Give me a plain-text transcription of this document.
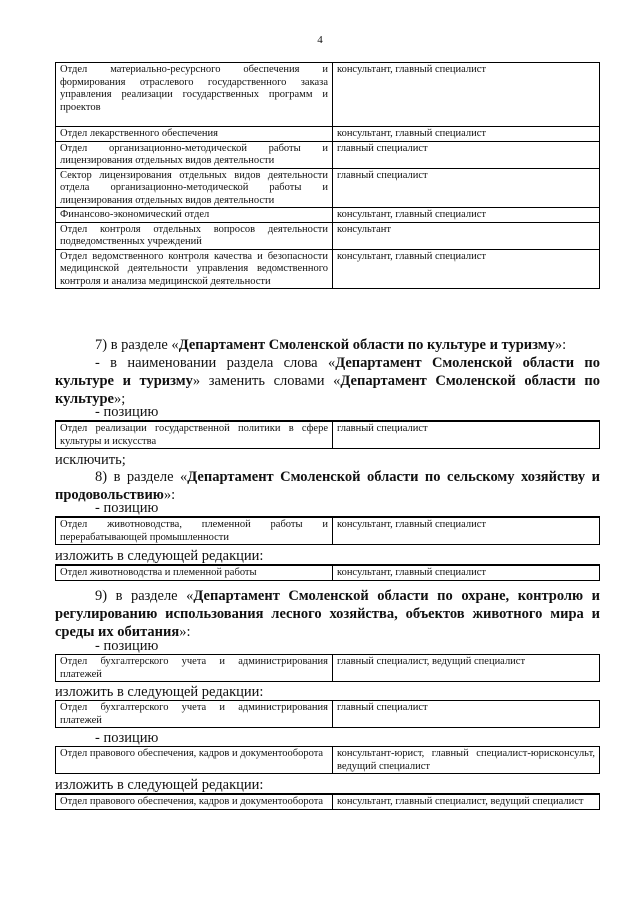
4
Отдел материально-ресурсного обеспечения и формирования отраслевого государственного заказа управления реализации государственных программ и проектов	консультант, главный специалист
Отдел лекарственного обеспечения	консультант, главный специалист
Отдел организационно-методической работы и лицензирования отдельных видов деятельности	главный специалист
Сектор лицензирования отдельных видов деятельности отдела организационно-методической работы и лицензирования отдельных видов деятельности	главный специалист
Финансово-экономический отдел	консультант, главный специалист
Отдел контроля отдельных вопросов деятельности подведомственных учреждений	консультант
Отдел ведомственного контроля качества и безопасности медицинской деятельности управления ведомственного контроля и анализа медицинской деятельности	консультант, главный специалист
7) в разделе «Департамент Смоленской области по культуре и туризму»:
- в наименовании раздела слова «Департамент Смоленской области по культуре и туризму» заменить словами «Департамент Смоленской области по культуре»;
- позицию
Отдел реализации государственной политики в сфере культуры и искусства	главный специалист
исключить;
8) в разделе «Департамент Смоленской области по сельскому хозяйству и продовольствию»:
- позицию
Отдел животноводства, племенной работы и перерабатывающей промышленности	консультант, главный специалист
изложить в следующей редакции:
Отдел животноводства и племенной работы	консультант, главный специалист
9) в разделе «Департамент Смоленской области по охране, контролю и регулированию использования лесного хозяйства, объектов животного мира и среды их обитания»:
- позицию
Отдел бухгалтерского учета и администрирования платежей	главный специалист, ведущий специалист
изложить в следующей редакции:
Отдел бухгалтерского учета и администрирования платежей	главный специалист
- позицию
Отдел правового обеспечения, кадров и документооборота	консультант-юрист, главный специалист-юрисконсульт, ведущий специалист
изложить в следующей редакции:
Отдел правового обеспечения, кадров и документооборота	консультант, главный специалист, ведущий специалист
